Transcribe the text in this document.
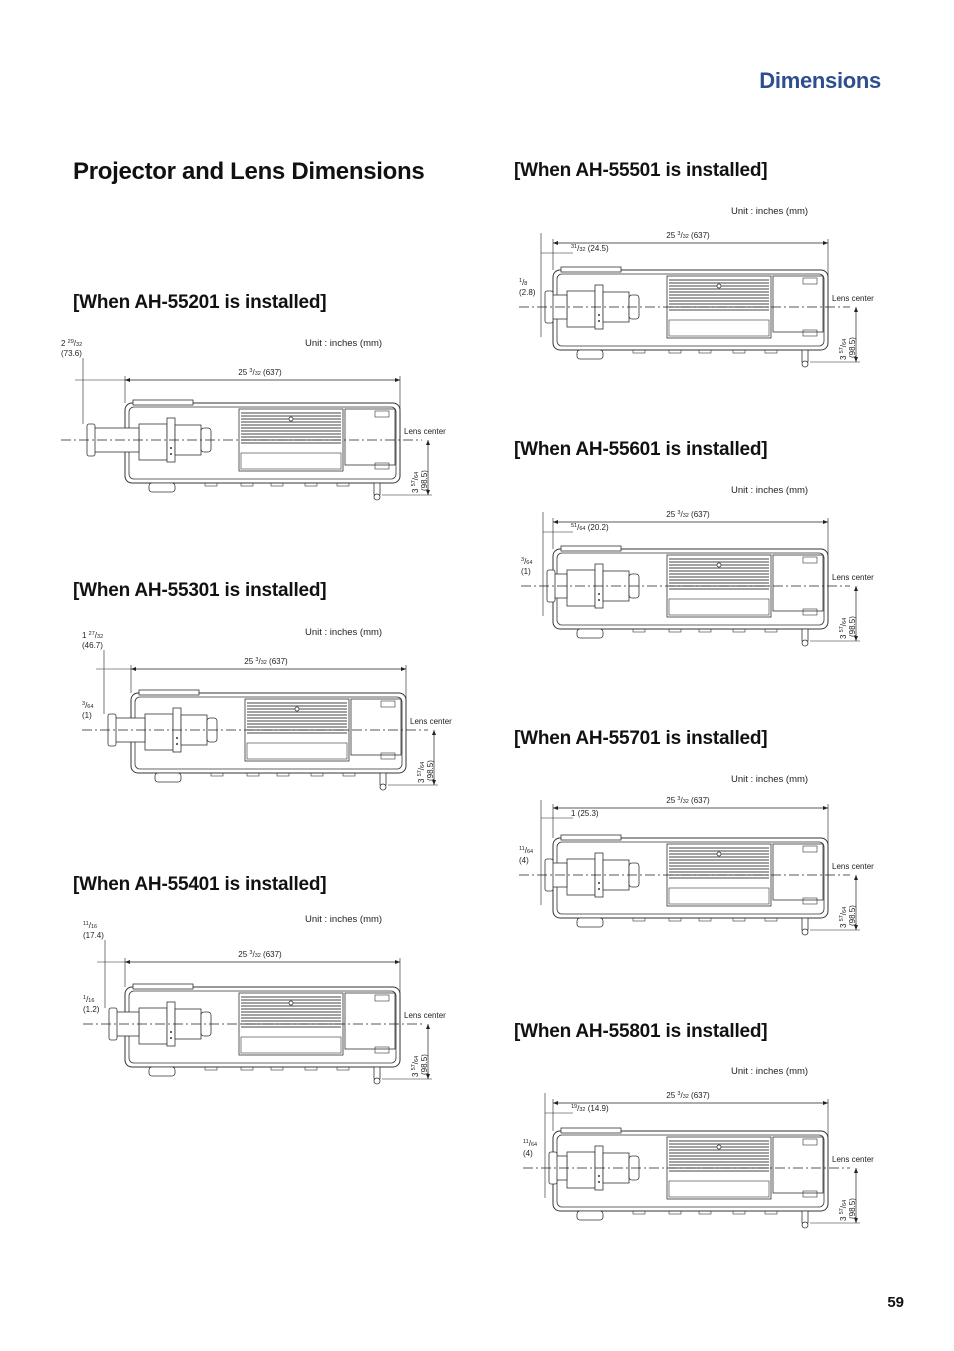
Dimensions
Projector and Lens Dimensions
[When AH-55201 is installed]
[When AH-55301 is installed]
[When AH-55401 is installed]
[When AH-55501 is installed]
[When AH-55601 is installed]
[When AH-55701 is installed]
[When AH-55801 is installed]
Unit : inches (mm)
Unit : inches (mm)
Unit : inches (mm)
Unit : inches (mm)
Unit : inches (mm)
Unit : inches (mm)
Unit : inches (mm)
Lens center
3 $^{57}$/64 (98.5)
25 $^3$/32 (637)
2 $^{29}$/32
(73.6)
Lens center
3 $^{57}$/64 (98.5)
25 $^3$/32 (637)
1 $^{27}$/32
(46.7)
$^3$/64
(1)
Lens center
3 $^{57}$/64 (98.5)
25 $^3$/32 (637)
$^{11}$/16
(17.4)
$^1$/16
(1.2)
Lens center
3 $^{57}$/64 (98.5)
25 $^3$/32 (637)
$^{31}$/32 (24.5)
$^1$/8
(2.8)
Lens center
3 $^{57}$/64 (98.5)
25 $^3$/32 (637)
$^{51}$/64 (20.2)
$^3$/64
(1)
Lens center
3 $^{57}$/64 (98.5)
25 $^3$/32 (637)
1 (25.3)
$^{11}$/64
(4)
Lens center
3 $^{57}$/64 (98.5)
25 $^3$/32 (637)
$^{19}$/32 (14.9)
$^{11}$/64
(4)
59
